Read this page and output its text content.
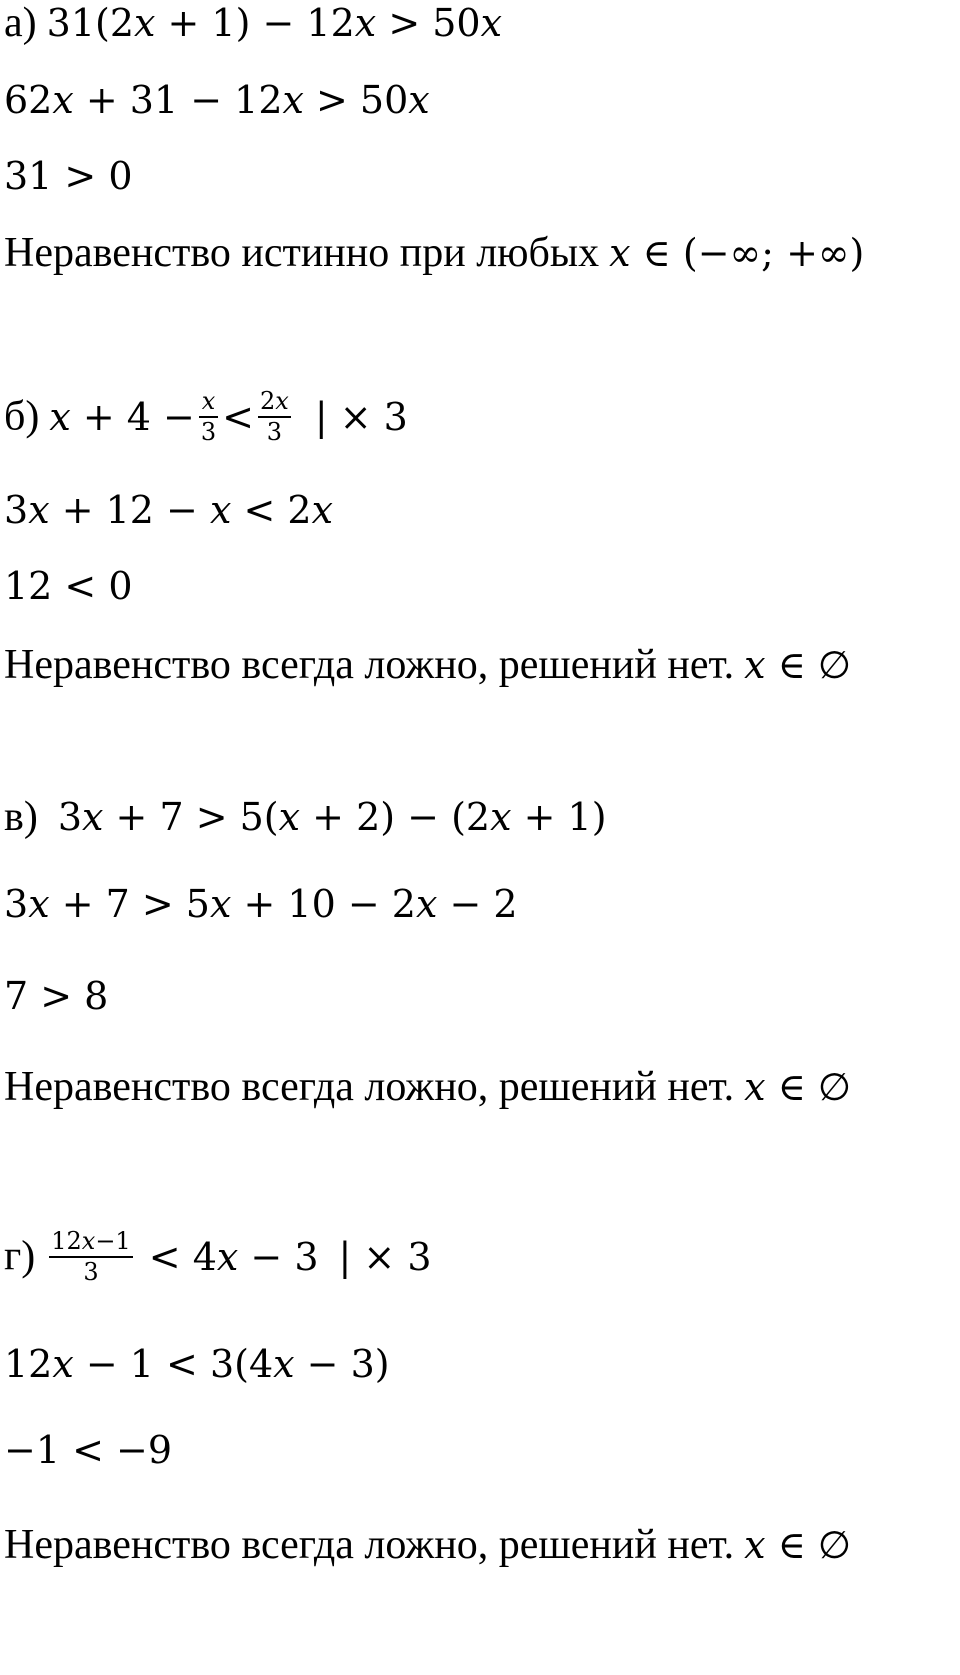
а) 31(2x + 1) − 12x > 50x
62x + 31 − 12x > 50x
31 > 0
Неравенство истинно при любых x ∈ (−∞; +∞)
б) $x + 4 - \frac{x}{3} < \frac{2x}{3}$ | × 3
3x + 12 − x < 2x
12 < 0
Неравенство всегда ложно, решений нет. x ∈ ∅
в) 3x + 7 > 5(x + 2) − (2x + 1)
3x + 7 > 5x + 10 − 2x − 2
7 > 8
Неравенство всегда ложно, решений нет. x ∈ ∅
$г) \frac{12x-1}{3} < 4x - 3$ | × 3
12x − 1 < 3(4x − 3)
−1 < −9
Неравенство всегда ложно, решений нет. x ∈ ∅
